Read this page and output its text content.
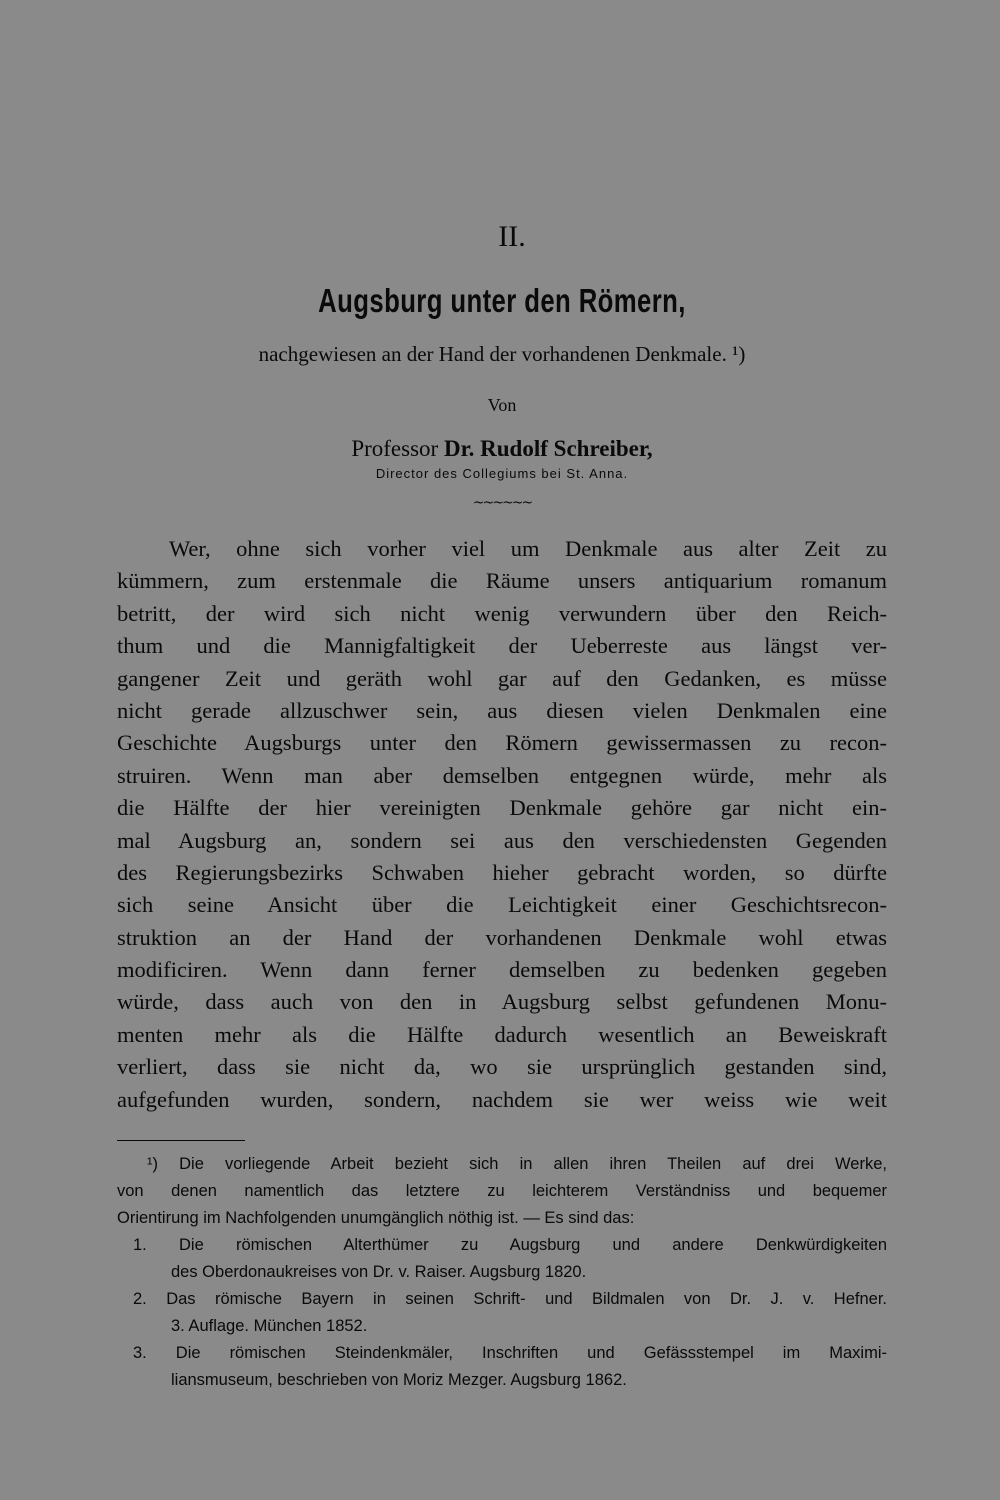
II.
Augsburg unter den Römern,
nachgewiesen an der Hand der vorhandenen Denkmale. ¹)
Von
Professor Dr. Rudolf Schreiber,
Director des Collegiums bei St. Anna.
~~~~~~
Wer, ohne sich vorher viel um Denkmale aus alter Zeit zu
kümmern, zum erstenmale die Räume unsers antiquarium romanum
betritt, der wird sich nicht wenig verwundern über den Reich-
thum und die Mannigfaltigkeit der Ueberreste aus längst ver-
gangener Zeit und geräth wohl gar auf den Gedanken, es müsse
nicht gerade allzuschwer sein, aus diesen vielen Denkmalen eine
Geschichte Augsburgs unter den Römern gewissermassen zu recon-
struiren. Wenn man aber demselben entgegnen würde, mehr als
die Hälfte der hier vereinigten Denkmale gehöre gar nicht ein-
mal Augsburg an, sondern sei aus den verschiedensten Gegenden
des Regierungsbezirks Schwaben hieher gebracht worden, so dürfte
sich seine Ansicht über die Leichtigkeit einer Geschichtsrecon-
struktion an der Hand der vorhandenen Denkmale wohl etwas
modificiren. Wenn dann ferner demselben zu bedenken gegeben
würde, dass auch von den in Augsburg selbst gefundenen Monu-
menten mehr als die Hälfte dadurch wesentlich an Beweiskraft
verliert, dass sie nicht da, wo sie ursprünglich gestanden sind,
aufgefunden wurden, sondern, nachdem sie wer weiss wie weit
¹) Die vorliegende Arbeit bezieht sich in allen ihren Theilen auf drei Werke,
von denen namentlich das letztere zu leichterem Verständniss und bequemer
Orientirung im Nachfolgenden unumgänglich nöthig ist. — Es sind das:
1. Die römischen Alterthümer zu Augsburg und andere Denkwürdigkeiten
des Oberdonaukreises von Dr. v. Raiser. Augsburg 1820.
2. Das römische Bayern in seinen Schrift- und Bildmalen von Dr. J. v. Hefner.
3. Auflage. München 1852.
3. Die römischen Steindenkmäler, Inschriften und Gefässstempel im Maximi-
liansmuseum, beschrieben von Moriz Mezger. Augsburg 1862.
